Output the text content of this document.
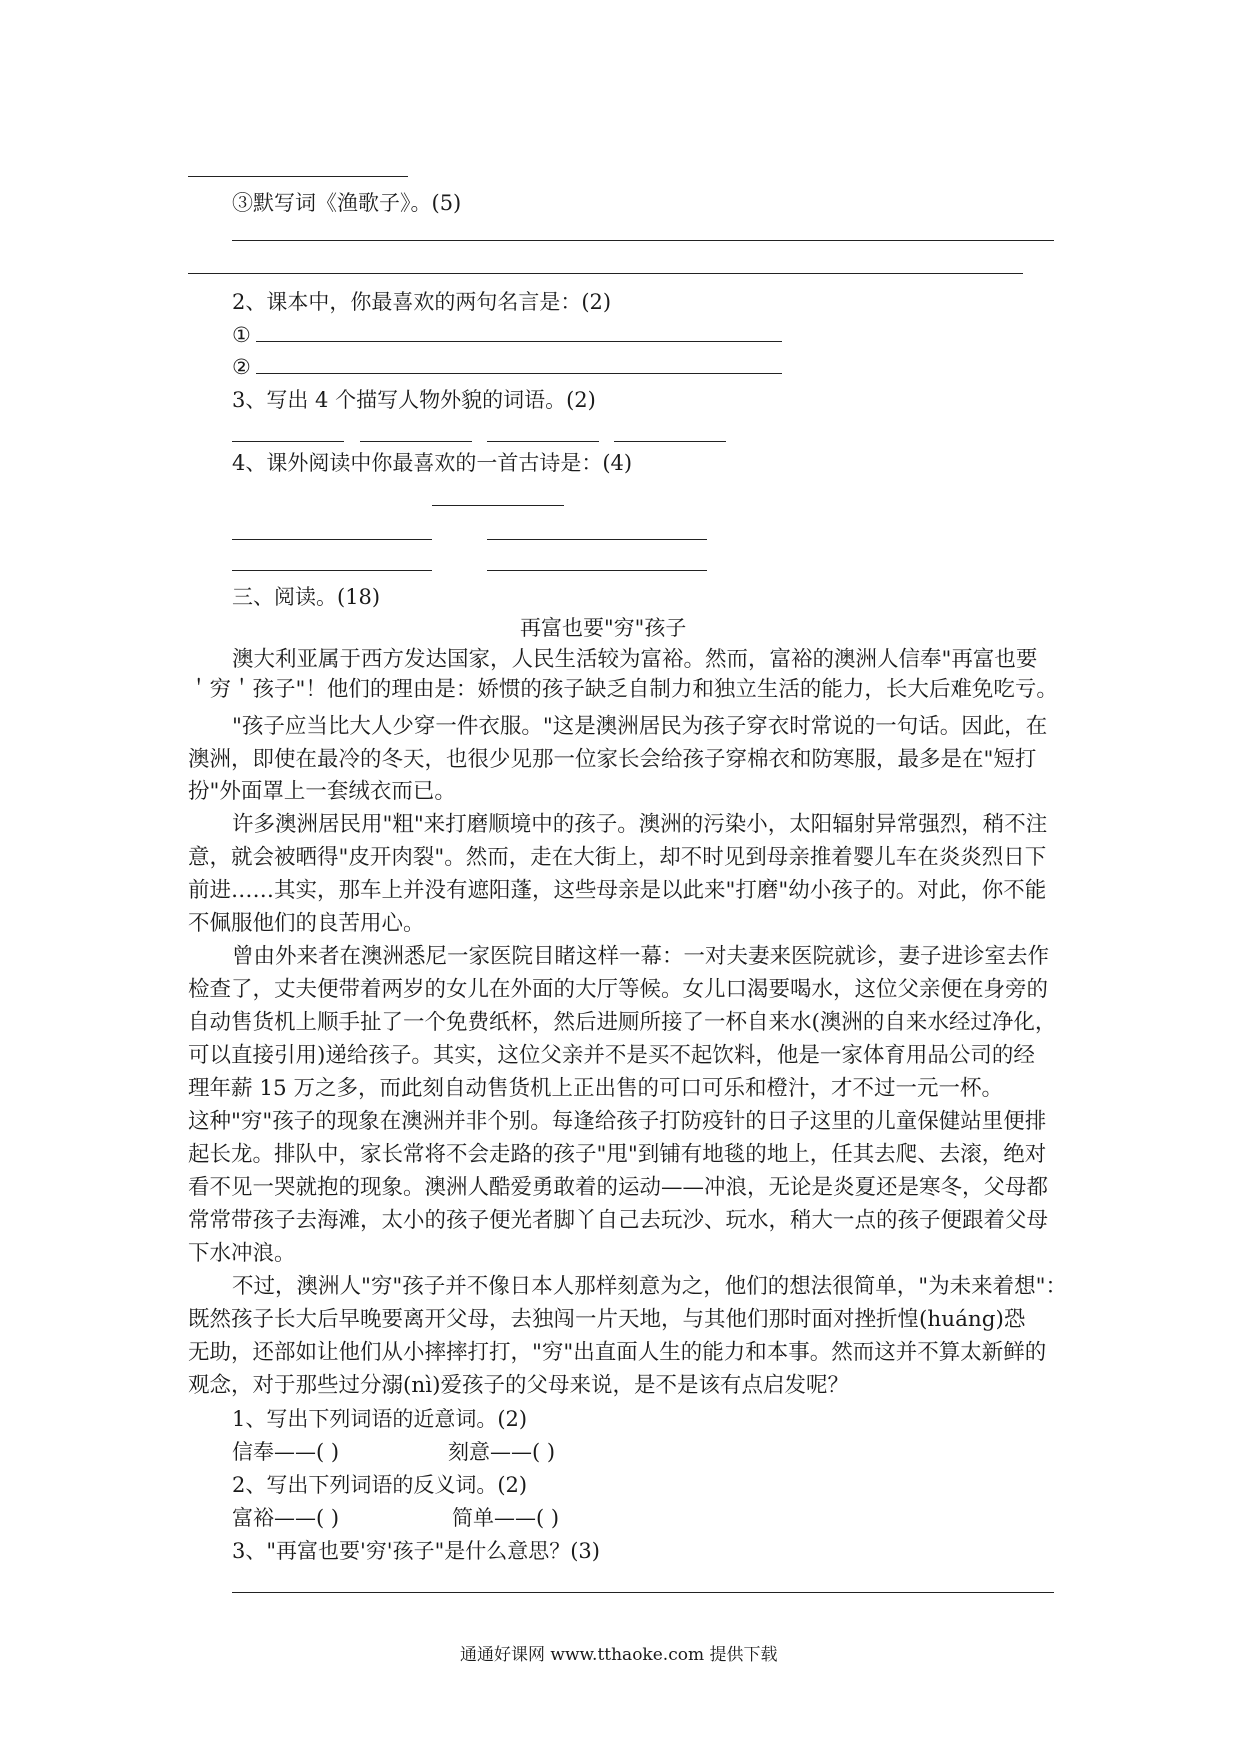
③默写词《渔歌子》。(5)
2、课本中，你最喜欢的两句名言是：(2)
①
②
3、写出 4 个描写人物外貌的词语。(2)
4、课外阅读中你最喜欢的一首古诗是：(4)
三、阅读。(18)
再富也要"穷"孩子
澳大利亚属于西方发达国家，人民生活较为富裕。然而，富裕的澳洲人信奉"再富也要
＇穷＇孩子"！他们的理由是：娇惯的孩子缺乏自制力和独立生活的能力，长大后难免吃亏。
"孩子应当比大人少穿一件衣服。"这是澳洲居民为孩子穿衣时常说的一句话。因此，在
澳洲，即使在最冷的冬天，也很少见那一位家长会给孩子穿棉衣和防寒服，最多是在"短打
扮"外面罩上一套绒衣而已。
许多澳洲居民用"粗"来打磨顺境中的孩子。澳洲的污染小，太阳辐射异常强烈，稍不注
意，就会被晒得"皮开肉裂"。然而，走在大街上，却不时见到母亲推着婴儿车在炎炎烈日下
前进……其实，那车上并没有遮阳蓬，这些母亲是以此来"打磨"幼小孩子的。对此，你不能
不佩服他们的良苦用心。
曾由外来者在澳洲悉尼一家医院目睹这样一幕：一对夫妻来医院就诊，妻子进诊室去作
检查了，丈夫便带着两岁的女儿在外面的大厅等候。女儿口渴要喝水，这位父亲便在身旁的
自动售货机上顺手扯了一个免费纸杯，然后进厕所接了一杯自来水(澳洲的自来水经过净化，
可以直接引用)递给孩子。其实，这位父亲并不是买不起饮料，他是一家体育用品公司的经
理年薪 15 万之多，而此刻自动售货机上正出售的可口可乐和橙汁，才不过一元一杯。
这种"穷"孩子的现象在澳洲并非个别。每逢给孩子打防疫针的日子这里的儿童保健站里便排
起长龙。排队中，家长常将不会走路的孩子"甩"到铺有地毯的地上，任其去爬、去滚，绝对
看不见一哭就抱的现象。澳洲人酷爱勇敢着的运动——冲浪，无论是炎夏还是寒冬，父母都
常常带孩子去海滩，太小的孩子便光者脚丫自己去玩沙、玩水，稍大一点的孩子便跟着父母
下水冲浪。
不过，澳洲人"穷"孩子并不像日本人那样刻意为之，他们的想法很简单，"为未来着想"：
既然孩子长大后早晚要离开父母，去独闯一片天地，与其他们那时面对挫折惶(huáng)恐
无助，还部如让他们从小摔摔打打，"穷"出直面人生的能力和本事。然而这并不算太新鲜的
观念，对于那些过分溺(nì)爱孩子的父母来说，是不是该有点启发呢？
1、写出下列词语的近意词。(2)
信奉——( )	刻意——( )
2、写出下列词语的反义词。(2)
富裕——( )	简单——( )
3、"再富也要'穷'孩子"是什么意思？(3)
通通好课网 www.tthaoke.com 提供下载
